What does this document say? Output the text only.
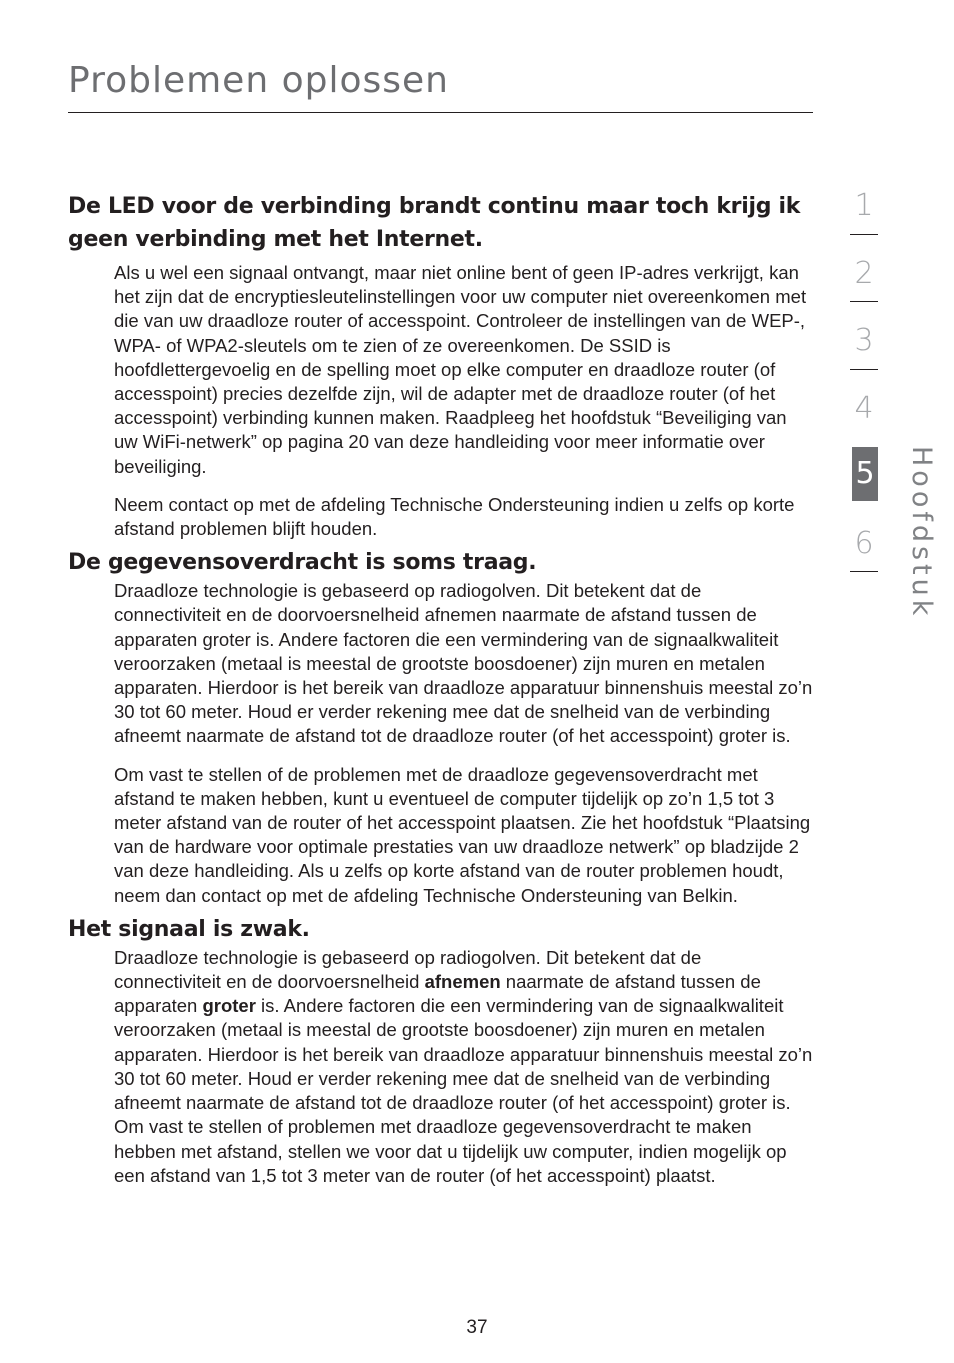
Problemen oplossen
De LED voor de verbinding brandt continu maar toch krijg ik geen verbinding met het Internet.

Als u wel een signaal ontvangt, maar niet online bent of geen IP-adres verkrijgt, kan het zijn dat de encryptiesleutelinstellingen voor uw computer niet overeenkomen met die van uw draadloze router of accesspoint. Controleer de instellingen van de WEP-, WPA- of WPA2-sleutels om te zien of ze overeenkomen. De SSID is hoofdlettergevoelig en de spelling moet op elke computer en draadloze router (of accesspoint) precies dezelfde zijn, wil de adapter met de draadloze router (of het accesspoint) verbinding kunnen maken. Raadpleeg het hoofdstuk “Beveiliging van uw WiFi-netwerk” op pagina 20 van deze handleiding voor meer informatie over beveiliging.

Neem contact op met de afdeling Technische Ondersteuning indien u zelfs op korte afstand problemen blijft houden.

De gegevensoverdracht is soms traag.

Draadloze technologie is gebaseerd op radiogolven. Dit betekent dat de connectiviteit en de doorvoersnelheid afnemen naarmate de afstand tussen de apparaten groter is. Andere factoren die een vermindering van de signaalkwaliteit veroorzaken (metaal is meestal de grootste boosdoener) zijn muren en metalen apparaten. Hierdoor is het bereik van draadloze apparatuur binnenshuis meestal zo’n 30 tot 60 meter. Houd er verder rekening mee dat de snelheid van de verbinding afneemt naarmate de afstand tot de draadloze router (of het accesspoint) groter is.

Om vast te stellen of de problemen met de draadloze gegevensoverdracht met afstand te maken hebben, kunt u eventueel de computer tijdelijk op zo’n 1,5 tot 3 meter afstand van de router of het accesspoint plaatsen. Zie het hoofdstuk “Plaatsing van de hardware voor optimale prestaties van uw draadloze netwerk” op bladzijde 2 van deze handleiding. Als u zelfs op korte afstand van de router problemen houdt, neem dan contact op met de afdeling Technische Ondersteuning van Belkin.

Het signaal is zwak.

Draadloze technologie is gebaseerd op radiogolven. Dit betekent dat de connectiviteit en de doorvoersnelheid afnemen naarmate de afstand tussen de apparaten groter is. Andere factoren die een vermindering van de signaalkwaliteit veroorzaken (metaal is meestal de grootste boosdoener) zijn muren en metalen apparaten. Hierdoor is het bereik van draadloze apparatuur binnenshuis meestal zo’n 30 tot 60 meter. Houd er verder rekening mee dat de snelheid van de verbinding afneemt naarmate de afstand tot de draadloze router (of het accesspoint) groter is. Om vast te stellen of problemen met draadloze gegevensoverdracht te maken hebben met afstand, stellen we voor dat u tijdelijk uw computer, indien mogelijk op een afstand van 1,5 tot 3 meter van de router (of het accesspoint) plaatst.

1
2
3
4
6
5 Hoofdstuk
37
